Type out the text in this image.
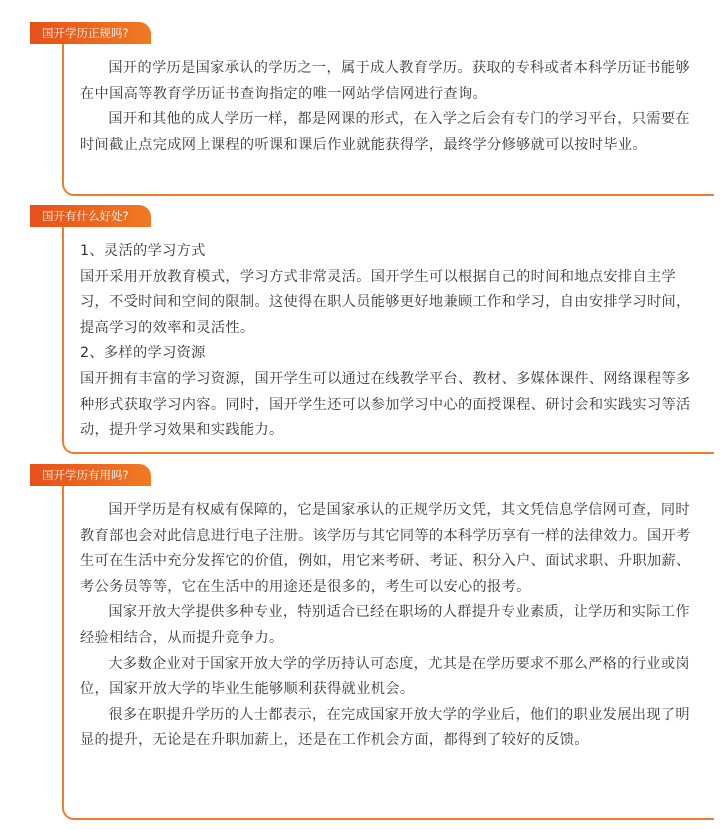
国开学历正规吗?

国开的学历是国家承认的学历之一，属于成人教育学历。获取的专科或者本科学历证书能够在中国高等教育学历证书查询指定的唯一网站学信网进行查询。

国开和其他的成人学历一样，都是网课的形式，在入学之后会有专门的学习平台，只需要在时间截止点完成网上课程的听课和课后作业就能获得学，最终学分修够就可以按时毕业。

国开有什么好处?

1、灵活的学习方式

国开采用开放教育模式，学习方式非常灵活。国开学生可以根据自己的时间和地点安排自主学习，不受时间和空间的限制。这使得在职人员能够更好地兼顾工作和学习，自由安排学习时间，提高学习的效率和灵活性。

2、多样的学习资源

国开拥有丰富的学习资源，国开学生可以通过在线教学平台、教材、多媒体课件、网络课程等多种形式获取学习内容。同时，国开学生还可以参加学习中心的面授课程、研讨会和实践实习等活动，提升学习效果和实践能力。

国开学历有用吗?

国开学历是有权威有保障的，它是国家承认的正规学历文凭，其文凭信息学信网可查，同时教育部也会对此信息进行电子注册。该学历与其它同等的本科学历享有一样的法律效力。国开考生可在生活中充分发挥它的价值，例如，用它来考研、考证、积分入户、面试求职、升职加薪、考公务员等等，它在生活中的用途还是很多的，考生可以安心的报考。

国家开放大学提供多种专业，特别适合已经在职场的人群提升专业素质，让学历和实际工作经验相结合，从而提升竞争力。

大多数企业对于国家开放大学的学历持认可态度，尤其是在学历要求不那么严格的行业或岗位，国家开放大学的毕业生能够顺利获得就业机会。

很多在职提升学历的人士都表示，在完成国家开放大学的学业后，他们的职业发展出现了明显的提升，无论是在升职加薪上，还是在工作机会方面，都得到了较好的反馈。
